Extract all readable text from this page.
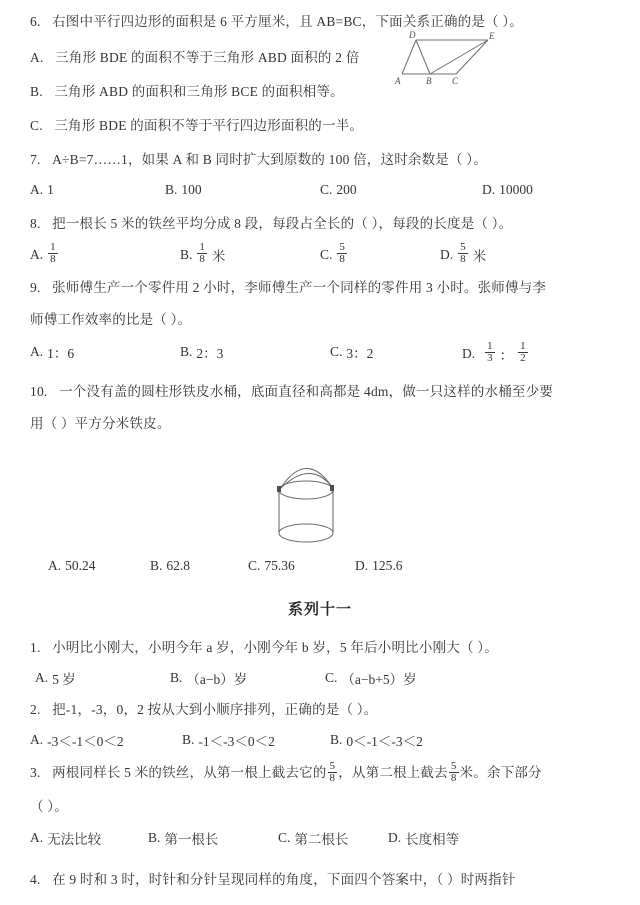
6. 右图中平行四边形的面积是 6 平方厘米，且 AB=BC，下面关系正确的是（ ）。
A. 三角形 BDE 的面积不等于三角形 ABD 面积的 2 倍
B. 三角形 ABD 的面积和三角形 BCE 的面积相等。
C. 三角形 BDE 的面积不等于平行四边形面积的一半。
D	E
A	B C
7. A÷B=7……1，如果 A 和 B 同时扩大到原数的 100 倍，这时余数是（ ）。
A. 1	B. 100	C. 200	D. 10000
8. 把一根长 5 米的铁丝平均分成 8 段，每段占全长的（ ），每段的长度是（ ）。
A. $\frac{1}{8}$	B. $\frac{1}{8}$ 米	C. $\frac{5}{8}$	D. $\frac{5}{8}$ 米
9. 张师傅生产一个零件用 2 小时，李师傅生产一个同样的零件用 3 小时。张师傅与李
师傅工作效率的比是（ ）。
A. 1：6	B. 2：3	C. 3：2	D. $\frac{1}{3}$ ： $\frac{1}{2}$
10. 一个没有盖的圆柱形铁皮水桶，底面直径和高都是 4dm，做一只这样的水桶至少要
用（ ）平方分米铁皮。
A. 50.24	B. 62.8	C. 75.36	D. 125.6
系列十一
1. 小明比小刚大，小明今年 a 岁，小刚今年 b 岁，5 年后小明比小刚大（ ）。
A. 5 岁	B. （a−b）岁	C. （a−b+5）岁
2. 把-1，-3，0，2 按从大到小顺序排列，正确的是（ ）。
A. -3＜-1＜0＜2	B. -1＜-3＜0＜2	B. 0＜-1＜-3＜2
3. 两根同样长 5 米的铁丝，从第一根上截去它的 $\frac{5}{8}$ ，从第二根上截去 $\frac{5}{8}$ 米。余下部分
（ ）。
A. 无法比较	B. 第一根长	C. 第二根长	D. 长度相等
4. 在 9 时和 3 时，时针和分针呈现同样的角度，下面四个答案中，（ ）时两指针
